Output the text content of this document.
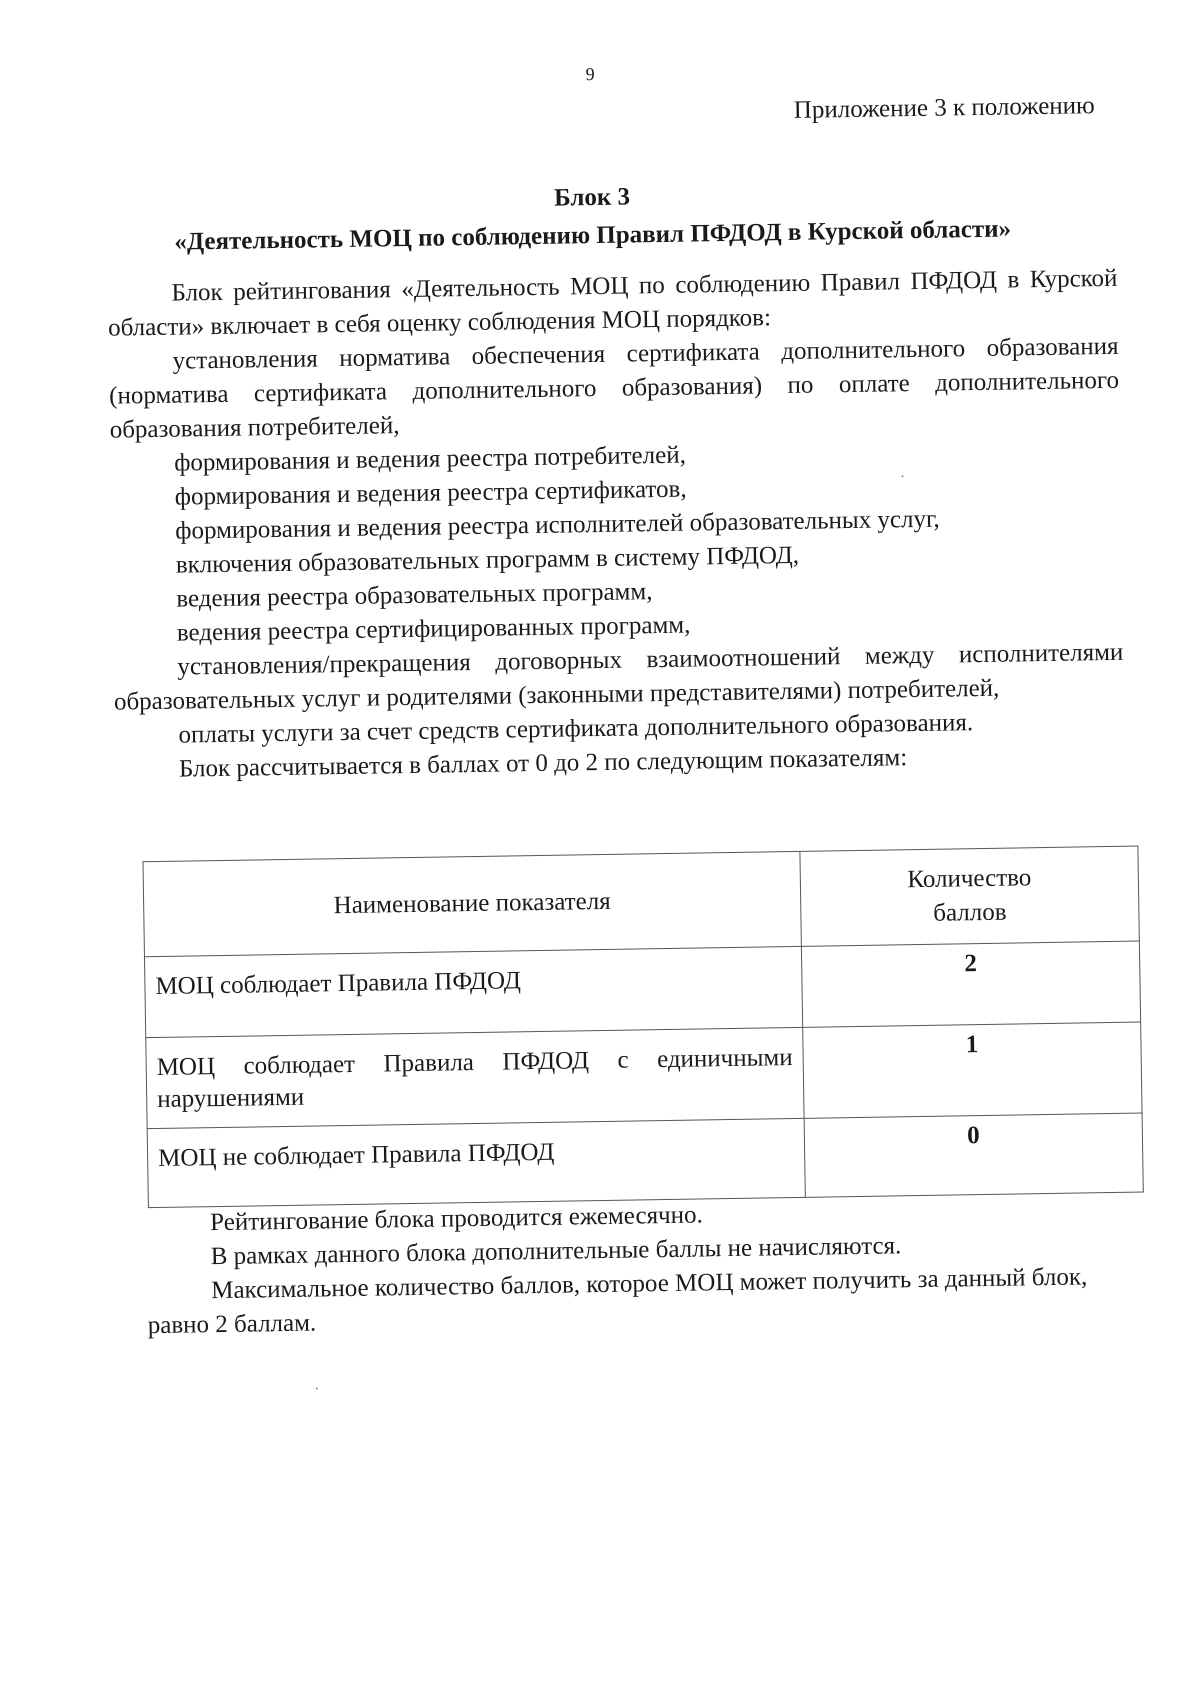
9
Приложение 3 к положению
Блок 3
«Деятельность МОЦ по соблюдению Правил ПФДОД в Курской области»

Блок рейтингования «Деятельность МОЦ по соблюдению Правил ПФДОД в Курской области» включает в себя оценку соблюдения МОЦ порядков:

установления норматива обеспечения сертификата дополнительного образования (норматива сертификата дополнительного образования) по оплате дополнительного образования потребителей,

формирования и ведения реестра потребителей,

формирования и ведения реестра сертификатов,

формирования и ведения реестра исполнителей образовательных услуг,

включения образовательных программ в систему ПФДОД,

ведения реестра образовательных программ,

ведения реестра сертифицированных программ,

установления/прекращения договорных взаимоотношений между исполнителями образовательных услуг и родителями (законными представителями) потребителей,

оплаты услуги за счет средств сертификата дополнительного образования.

Блок рассчитывается в баллах от 0 до 2 по следующим показателям:

Наименование показателя	Количество
баллов

МОЦ соблюдает Правила ПФДОД	2
МОЦ соблюдает Правила ПФДОД с единичными нарушениями	1
МОЦ не соблюдает Правила ПФДОД	0

Рейтингование блока проводится ежемесячно.

В рамках данного блока дополнительные баллы не начисляются.

Максимальное количество баллов, которое МОЦ может получить за данный блок, равно 2 баллам.
